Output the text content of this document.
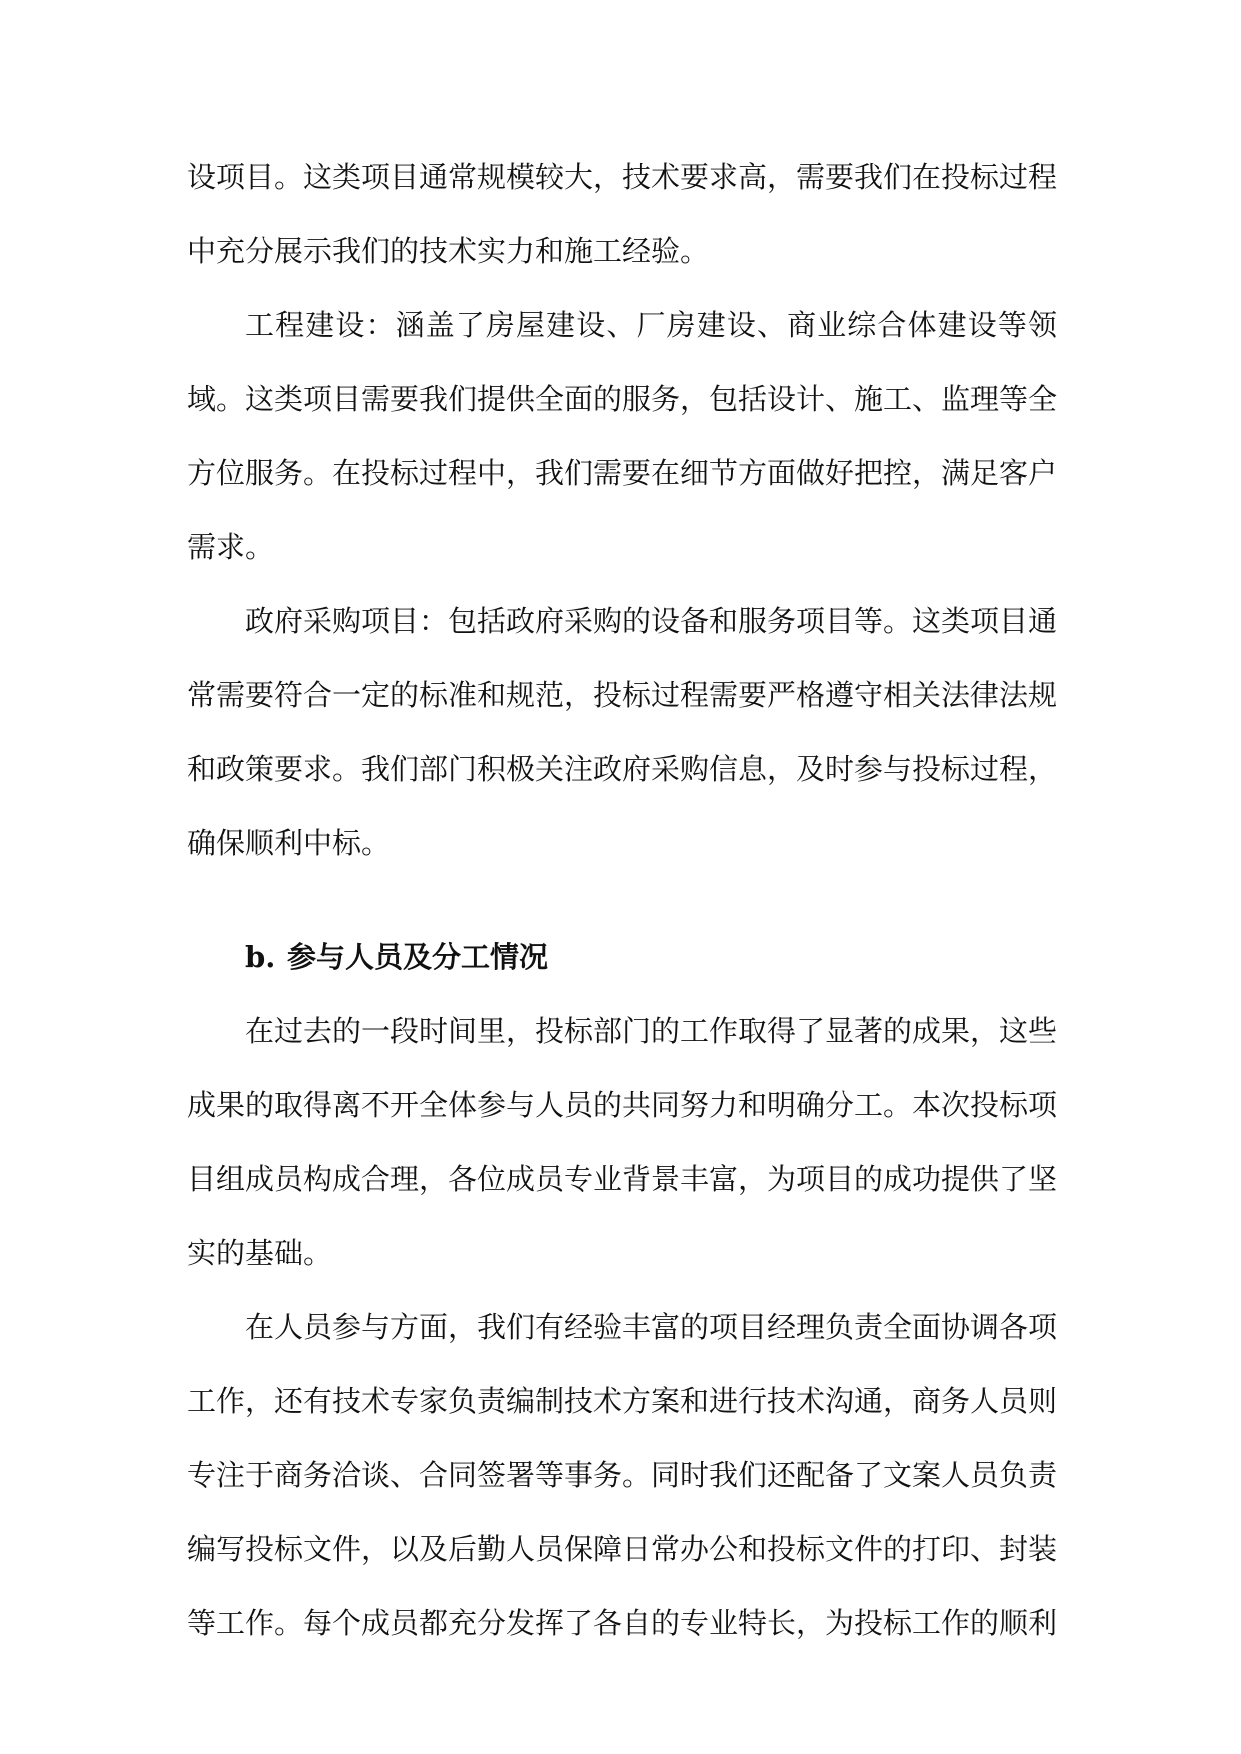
设项目。这类项目通常规模较大，技术要求高，需要我们在投标过程中充分展示我们的技术实力和施工经验。

工程建设：涵盖了房屋建设、厂房建设、商业综合体建设等领域。这类项目需要我们提供全面的服务，包括设计、施工、监理等全方位服务。在投标过程中，我们需要在细节方面做好把控，满足客户需求。

政府采购项目：包括政府采购的设备和服务项目等。这类项目通常需要符合一定的标准和规范，投标过程需要严格遵守相关法律法规和政策要求。我们部门积极关注政府采购信息，及时参与投标过程，确保顺利中标。

b. 参与人员及分工情况

在过去的一段时间里，投标部门的工作取得了显著的成果，这些成果的取得离不开全体参与人员的共同努力和明确分工。本次投标项目组成员构成合理，各位成员专业背景丰富，为项目的成功提供了坚实的基础。

在人员参与方面，我们有经验丰富的项目经理负责全面协调各项工作，还有技术专家负责编制技术方案和进行技术沟通，商务人员则专注于商务洽谈、合同签署等事务。同时我们还配备了文案人员负责编写投标文件，以及后勤人员保障日常办公和投标文件的打印、封装等工作。每个成员都充分发挥了各自的专业特长，为投标工作的顺利
